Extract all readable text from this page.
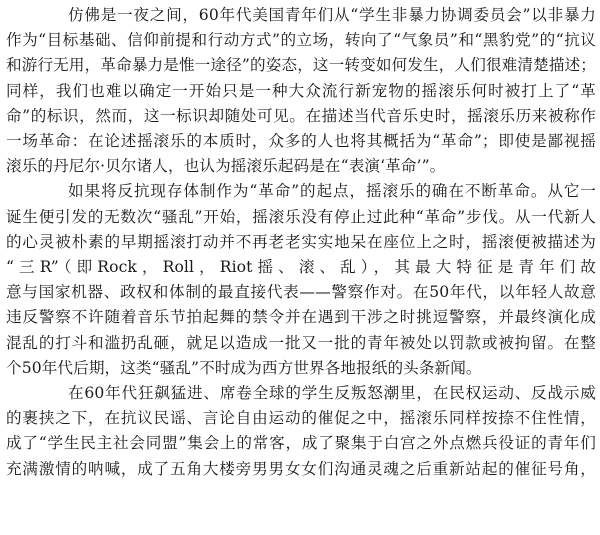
仿佛是一夜之间，60年代美国青年们从“学生非暴力协调委员会”以非暴力
作为“目标基础、信仰前提和行动方式”的立场，转向了“气象员”和“黑豹党”的“抗议
和游行无用，革命暴力是惟一途径”的姿态，这一转变如何发生，人们很难清楚描述；
同样，我们也难以确定一开始只是一种大众流行新宠物的摇滚乐何时被打上了“革
命”的标识，然而，这一标识却随处可见。在描述当代音乐史时，摇滚乐历来被称作
一场革命：在论述摇滚乐的本质时，众多的人也将其概括为“革命”；即使是鄙视摇
滚乐的丹尼尔·贝尔诸人，也认为摇滚乐起码是在“表演‘革命’”。
如果将反抗现存体制作为“革命”的起点，摇滚乐的确在不断革命。从它一
诞生便引发的无数次“骚乱”开始，摇滚乐没有停止过此种“革命”步伐。从一代新人
的心灵被朴素的早期摇滚打动并不再老老实实地呆在座位上之时，摇滚便被描述为
“三R”（即Rock，Roll，Riot摇、滚、乱），其最大特征是青年们故
意与国家机器、政权和体制的最直接代表——警察作对。在50年代，以年轻人故意
违反警察不许随着音乐节拍起舞的禁令并在遇到干涉之时挑逗警察，并最终演化成
混乱的打斗和滥扔乱砸，就足以造成一批又一批的青年被处以罚款或被拘留。在整
个50年代后期，这类“骚乱”不时成为西方世界各地报纸的头条新闻。
在60年代狂飙猛进、席卷全球的学生反叛怒潮里，在民权运动、反战示威
的裹挟之下，在抗议民谣、言论自由运动的催促之中，摇滚乐同样按捺不住性情，
成了“学生民主社会同盟”集会上的常客，成了聚集于白宫之外点燃兵役证的青年们
充满激情的呐喊，成了五角大楼旁男男女女们沟通灵魂之后重新站起的催征号角，
